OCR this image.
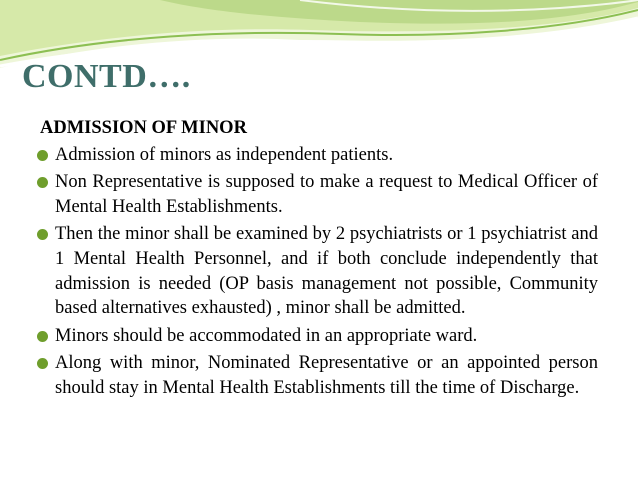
CONTD….
ADMISSION OF MINOR
Admission of minors as independent patients.
Non Representative is supposed to make a request to Medical Officer of Mental Health Establishments.
Then the minor shall be examined by 2 psychiatrists or 1 psychiatrist and 1 Mental Health Personnel, and if both conclude independently that admission is needed (OP basis management not possible, Community based alternatives exhausted) , minor shall be admitted.
Minors should be accommodated in an appropriate ward.
Along with minor, Nominated Representative or an appointed person should stay in Mental Health Establishments till the time of Discharge.
